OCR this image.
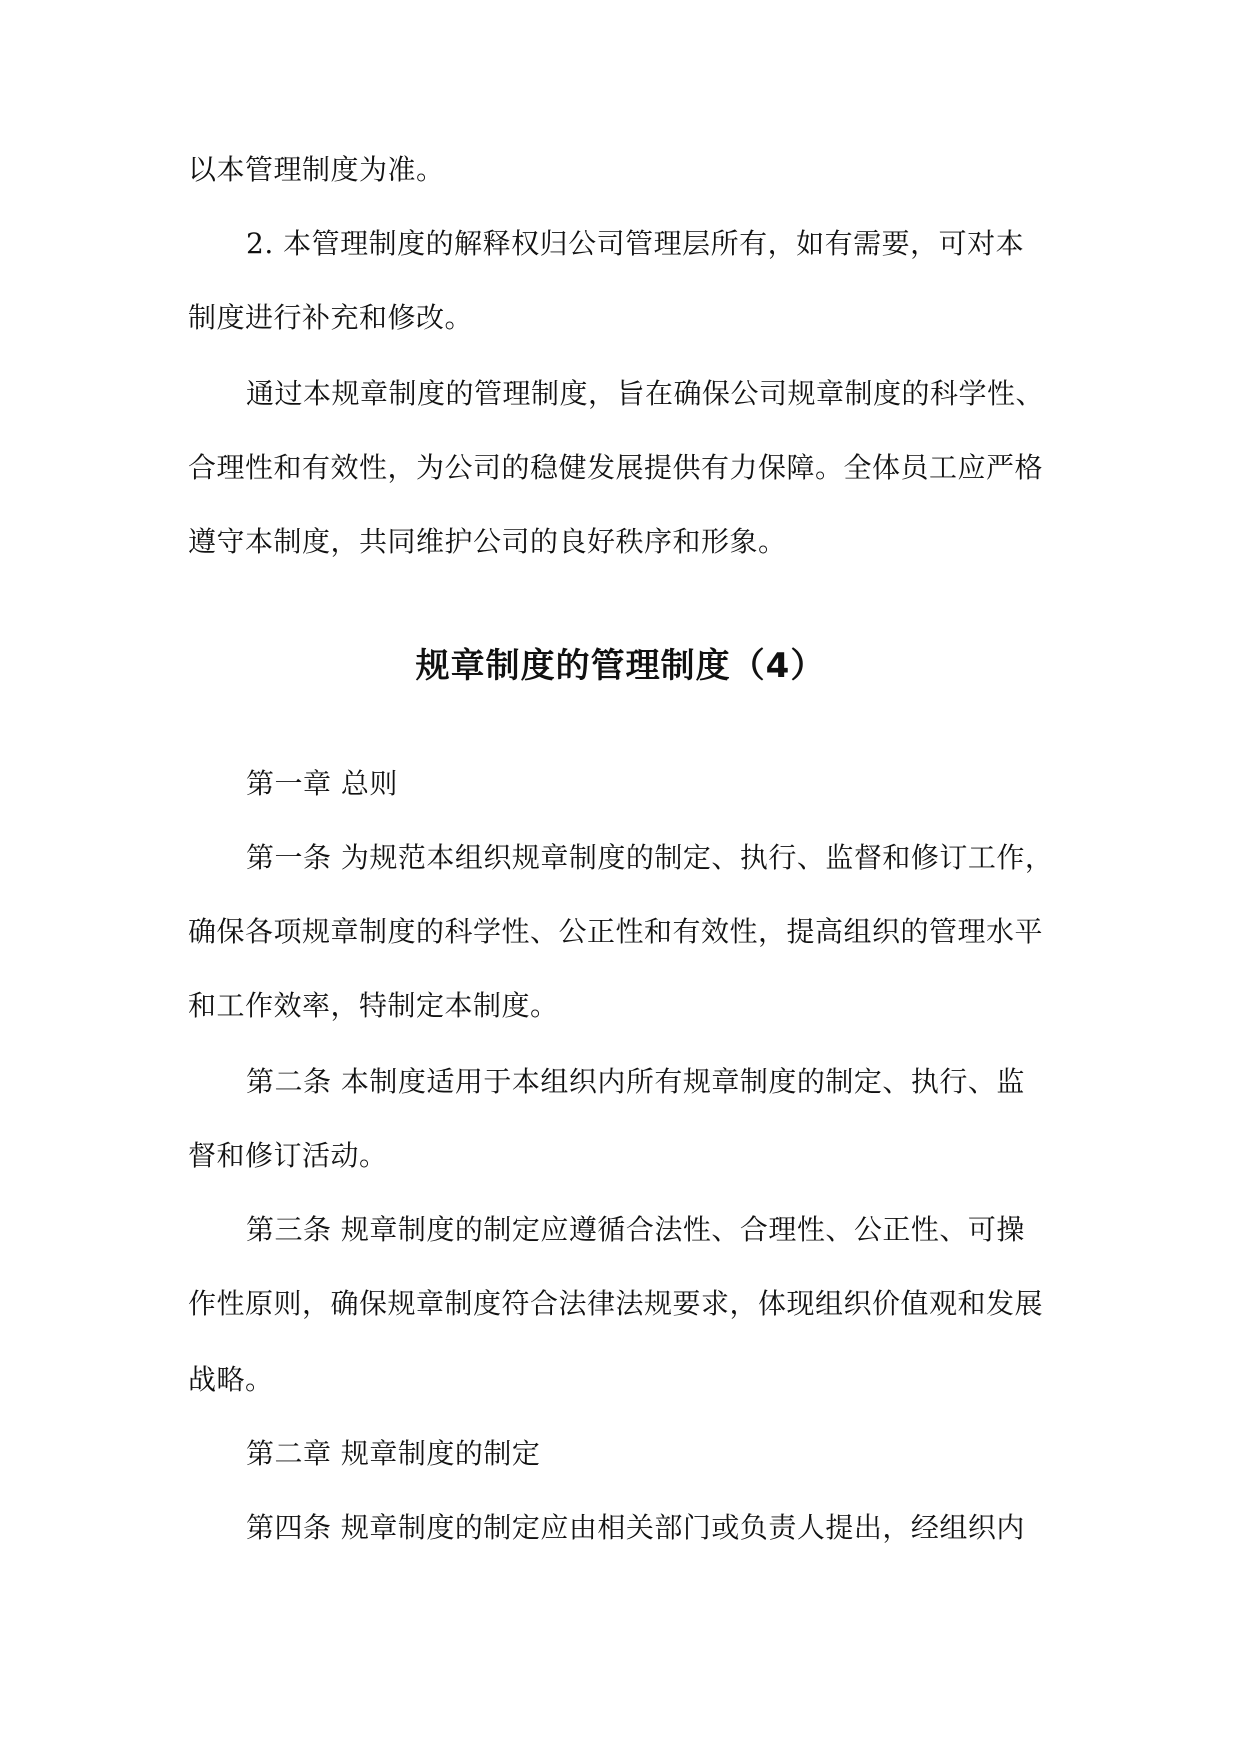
以本管理制度为准。
2. 本管理制度的解释权归公司管理层所有，如有需要，可对本
制度进行补充和修改。
通过本规章制度的管理制度，旨在确保公司规章制度的科学性、
合理性和有效性，为公司的稳健发展提供有力保障。全体员工应严格
遵守本制度，共同维护公司的良好秩序和形象。
规章制度的管理制度（4）
第一章 总则
第一条 为规范本组织规章制度的制定、执行、监督和修订工作，
确保各项规章制度的科学性、公正性和有效性，提高组织的管理水平
和工作效率，特制定本制度。
第二条 本制度适用于本组织内所有规章制度的制定、执行、监
督和修订活动。
第三条 规章制度的制定应遵循合法性、合理性、公正性、可操
作性原则，确保规章制度符合法律法规要求，体现组织价值观和发展
战略。
第二章 规章制度的制定
第四条 规章制度的制定应由相关部门或负责人提出，经组织内
